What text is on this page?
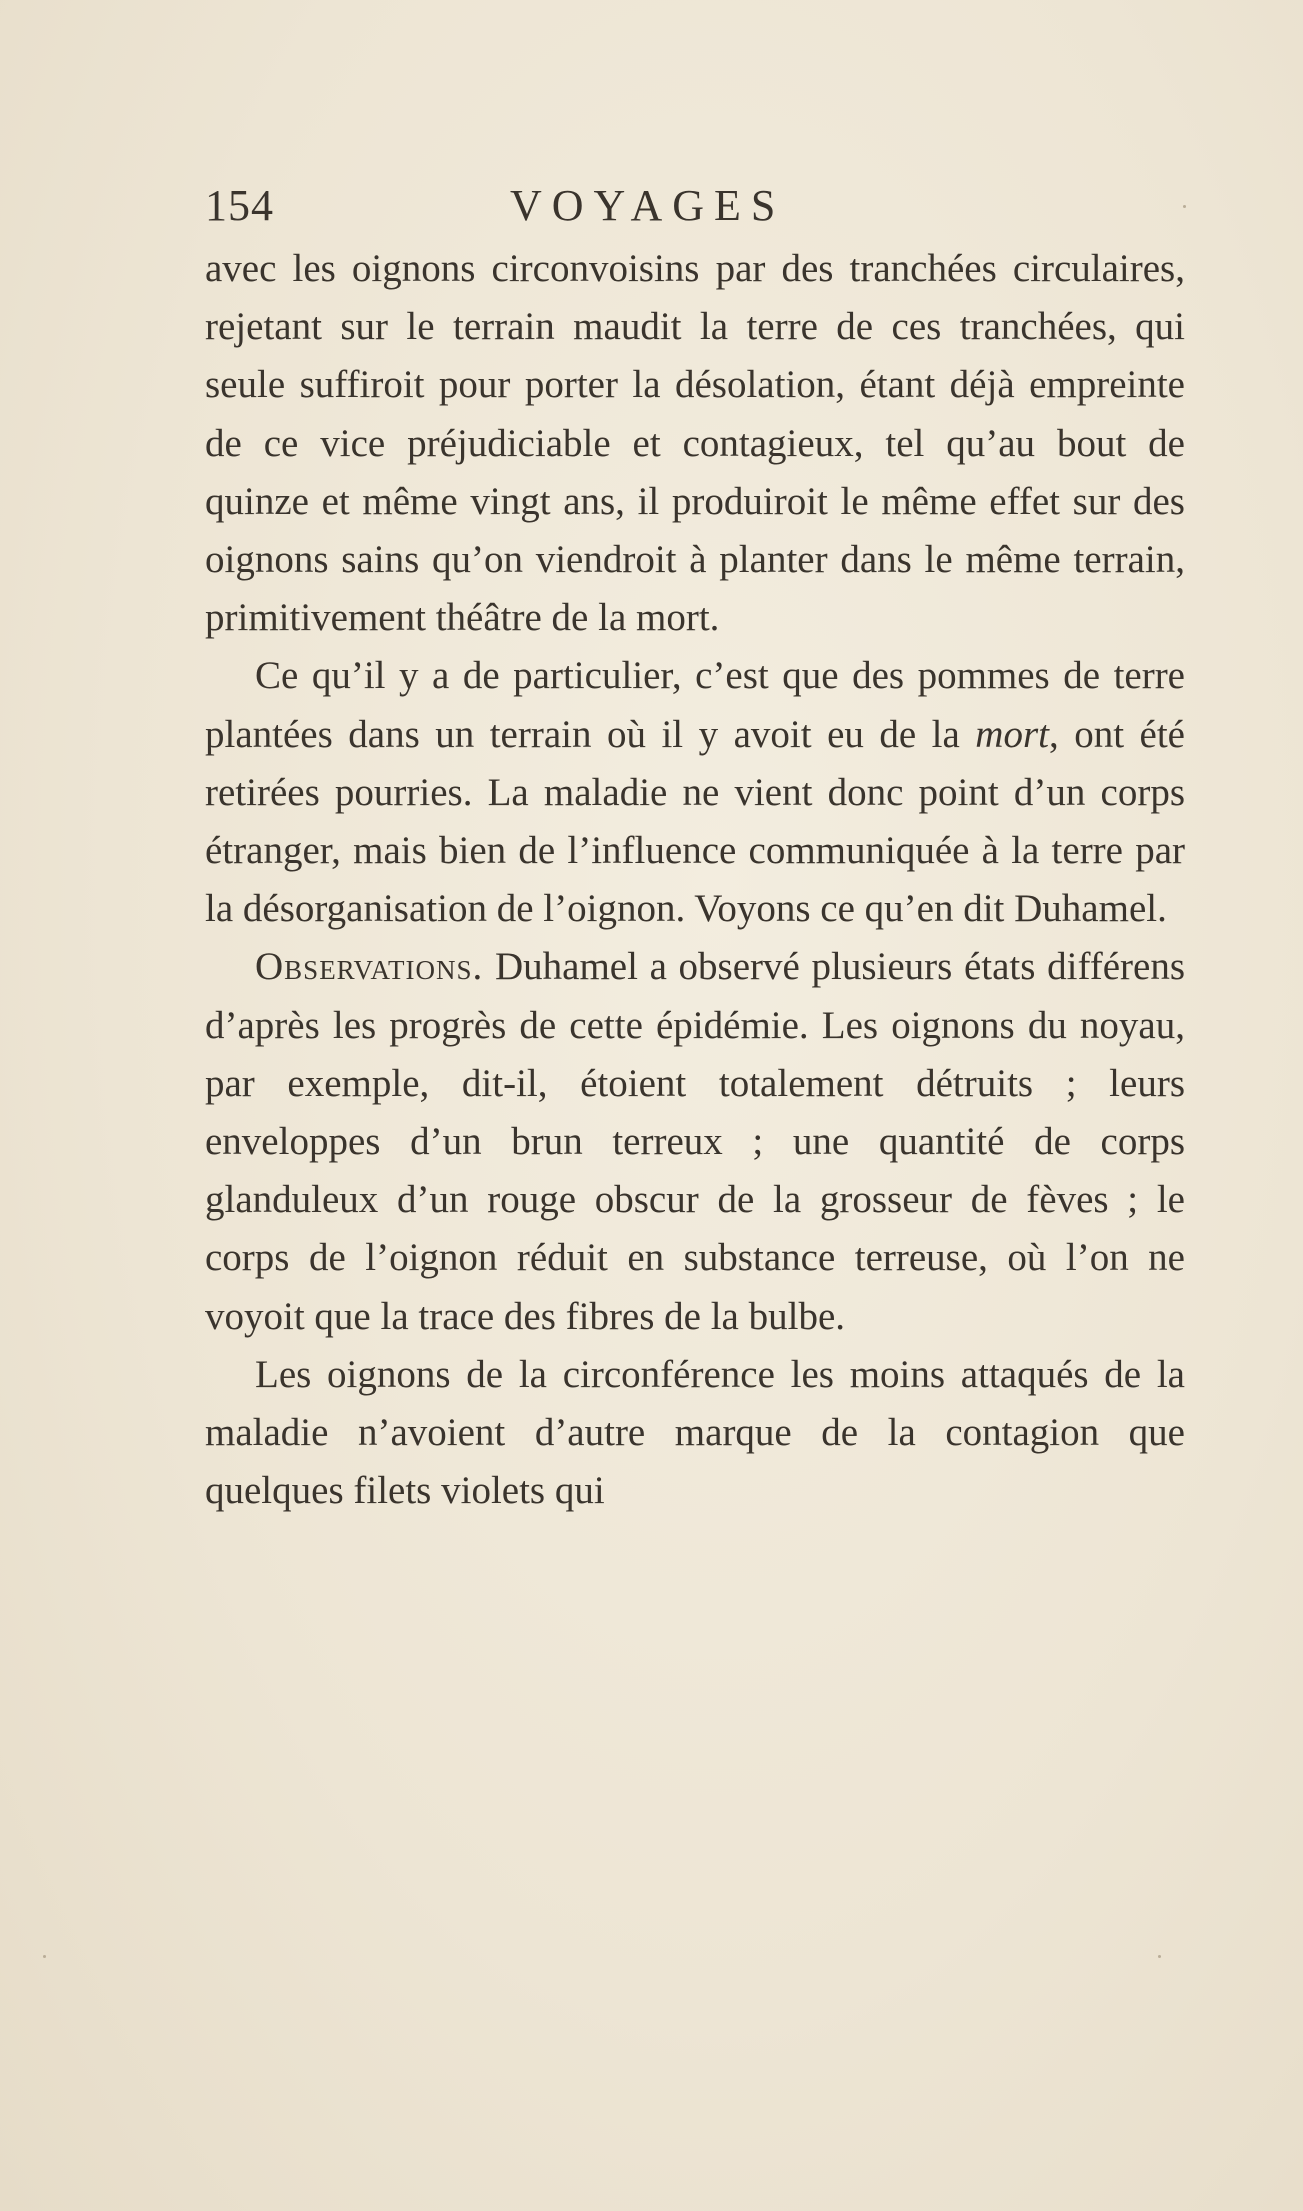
154	VOYAGES

avec les oignons circonvoisins par des tranchées circulaires, rejetant sur le terrain maudit la terre de ces tranchées, qui seule suffiroit pour porter la désolation, étant déjà empreinte de ce vice préjudiciable et contagieux, tel qu’au bout de quinze et même vingt ans, il produiroit le même effet sur des oignons sains qu’on viendroit à planter dans le même terrain, primitivement théâtre de la mort.

Ce qu’il y a de particulier, c’est que des pommes de terre plantées dans un terrain où il y avoit eu de la mort, ont été retirées pourries. La maladie ne vient donc point d’un corps étranger, mais bien de l’influence communiquée à la terre par la désorganisation de l’oignon. Voyons ce qu’en dit Duhamel.

Observations. Duhamel a observé plusieurs états différens d’après les progrès de cette épidémie. Les oignons du noyau, par exemple, dit-il, étoient totalement détruits ; leurs enveloppes d’un brun terreux ; une quantité de corps glanduleux d’un rouge obscur de la grosseur de fèves ; le corps de l’oignon réduit en substance terreuse, où l’on ne voyoit que la trace des fibres de la bulbe.

Les oignons de la circonférence les moins attaqués de la maladie n’avoient d’autre marque de la contagion que quelques filets violets qui
